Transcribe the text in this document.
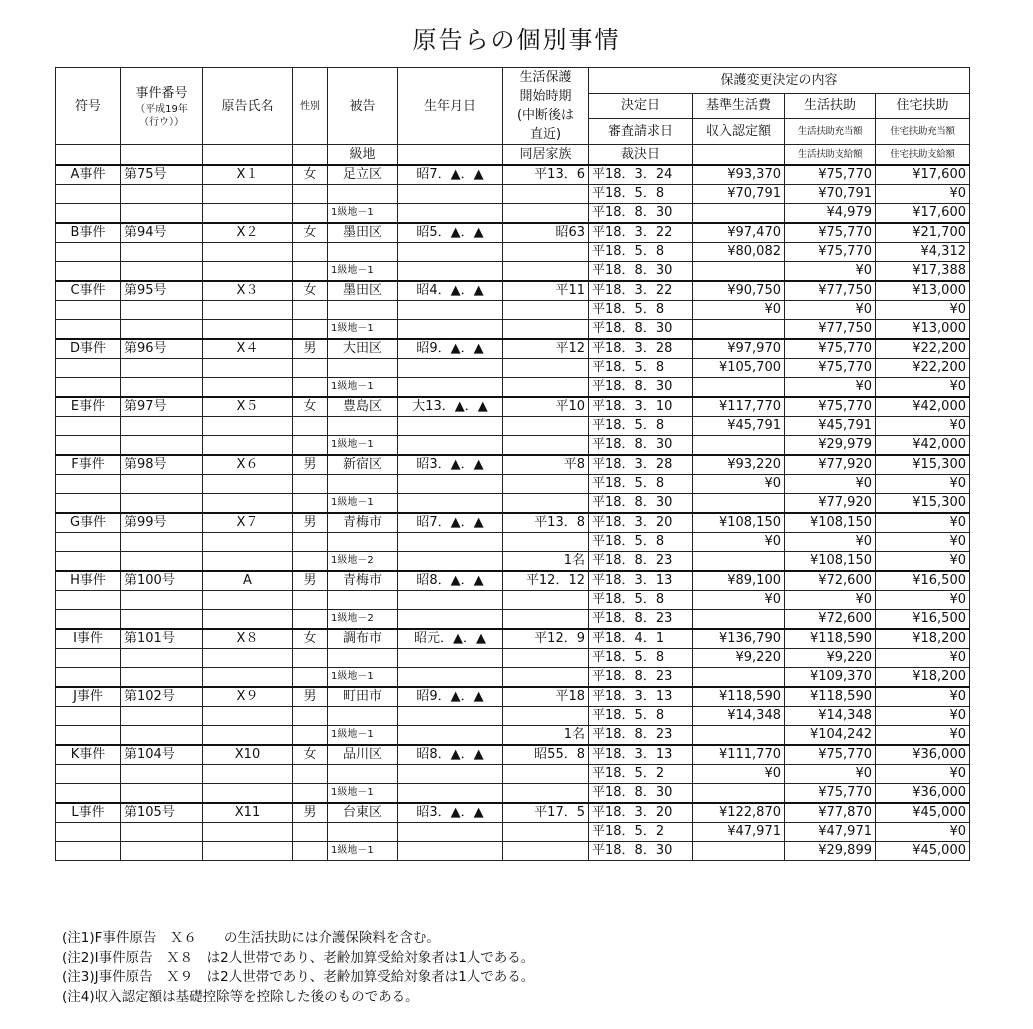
原告らの個別事情
符号	事件番号
（平成19年
（行ウ））	原告氏名	性別	被告	生年月日	生活保護
開始時期
(中断後は
直近)	保護変更決定の内容			
							決定日	基準生活費	生活扶助	住宅扶助
							審査請求日	収入認定額	生活扶助充当額	住宅扶助充当額
				級地		同居家族	裁決日		生活扶助支給額	住宅扶助支給額
A事件	第75号	X１	女	足立区	昭7．▲．▲	平13．6	平18．3．24	¥93,370	¥75,770	¥17,600
							平18．5．8	¥70,791	¥70,791	¥0
				1級地－1			平18．8．30		¥4,979	¥17,600
B事件	第94号	X２	女	墨田区	昭5．▲．▲	昭63	平18．3．22	¥97,470	¥75,770	¥21,700
							平18．5．8	¥80,082	¥75,770	¥4,312
				1級地－1			平18．8．30		¥0	¥17,388
C事件	第95号	X３	女	墨田区	昭4．▲．▲	平11	平18．3．22	¥90,750	¥77,750	¥13,000
							平18．5．8	¥0	¥0	¥0
				1級地－1			平18．8．30		¥77,750	¥13,000
D事件	第96号	X４	男	大田区	昭9．▲．▲	平12	平18．3．28	¥97,970	¥75,770	¥22,200
							平18．5．8	¥105,700	¥75,770	¥22,200
				1級地－1			平18．8．30		¥0	¥0
E事件	第97号	X５	女	豊島区	大13．▲．▲	平10	平18．3．10	¥117,770	¥75,770	¥42,000
							平18．5．8	¥45,791	¥45,791	¥0
				1級地－1			平18．8．30		¥29,979	¥42,000
F事件	第98号	X６	男	新宿区	昭3．▲．▲	平8	平18．3．28	¥93,220	¥77,920	¥15,300
							平18．5．8	¥0	¥0	¥0
				1級地－1			平18．8．30		¥77,920	¥15,300
G事件	第99号	X７	男	青梅市	昭7．▲．▲	平13．8	平18．3．20	¥108,150	¥108,150	¥0
							平18．5．8	¥0	¥0	¥0
				1級地－2		1名	平18．8．23		¥108,150	¥0
H事件	第100号	A	男	青梅市	昭8．▲．▲	平12．12	平18．3．13	¥89,100	¥72,600	¥16,500
							平18．5．8	¥0	¥0	¥0
				1級地－2			平18．8．23		¥72,600	¥16,500
I事件	第101号	X８	女	調布市	昭元．▲．▲	平12．9	平18．4．1	¥136,790	¥118,590	¥18,200
							平18．5．8	¥9,220	¥9,220	¥0
				1級地－1			平18．8．23		¥109,370	¥18,200
J事件	第102号	X９	男	町田市	昭9．▲．▲	平18	平18．3．13	¥118,590	¥118,590	¥0
							平18．5．8	¥14,348	¥14,348	¥0
				1級地－1		1名	平18．8．23		¥104,242	¥0
K事件	第104号	X10	女	品川区	昭8．▲．▲	昭55．8	平18．3．13	¥111,770	¥75,770	¥36,000
							平18．5．2	¥0	¥0	¥0
				1級地－1			平18．8．30		¥75,770	¥36,000
L事件	第105号	X11	男	台東区	昭3．▲．▲	平17．5	平18．3．20	¥122,870	¥77,870	¥45,000
							平18．5．2	¥47,971	¥47,971	¥0
				1級地－1			平18．8．30		¥29,899	¥45,000
(注1)F事件原告　Ｘ６　　の生活扶助には介護保険料を含む。
(注2)I事件原告　Ｘ８　は2人世帯であり、老齢加算受給対象者は1人である。
(注3)J事件原告　Ｘ９　は2人世帯であり、老齢加算受給対象者は1人である。
(注4)収入認定額は基礎控除等を控除した後のものである。
